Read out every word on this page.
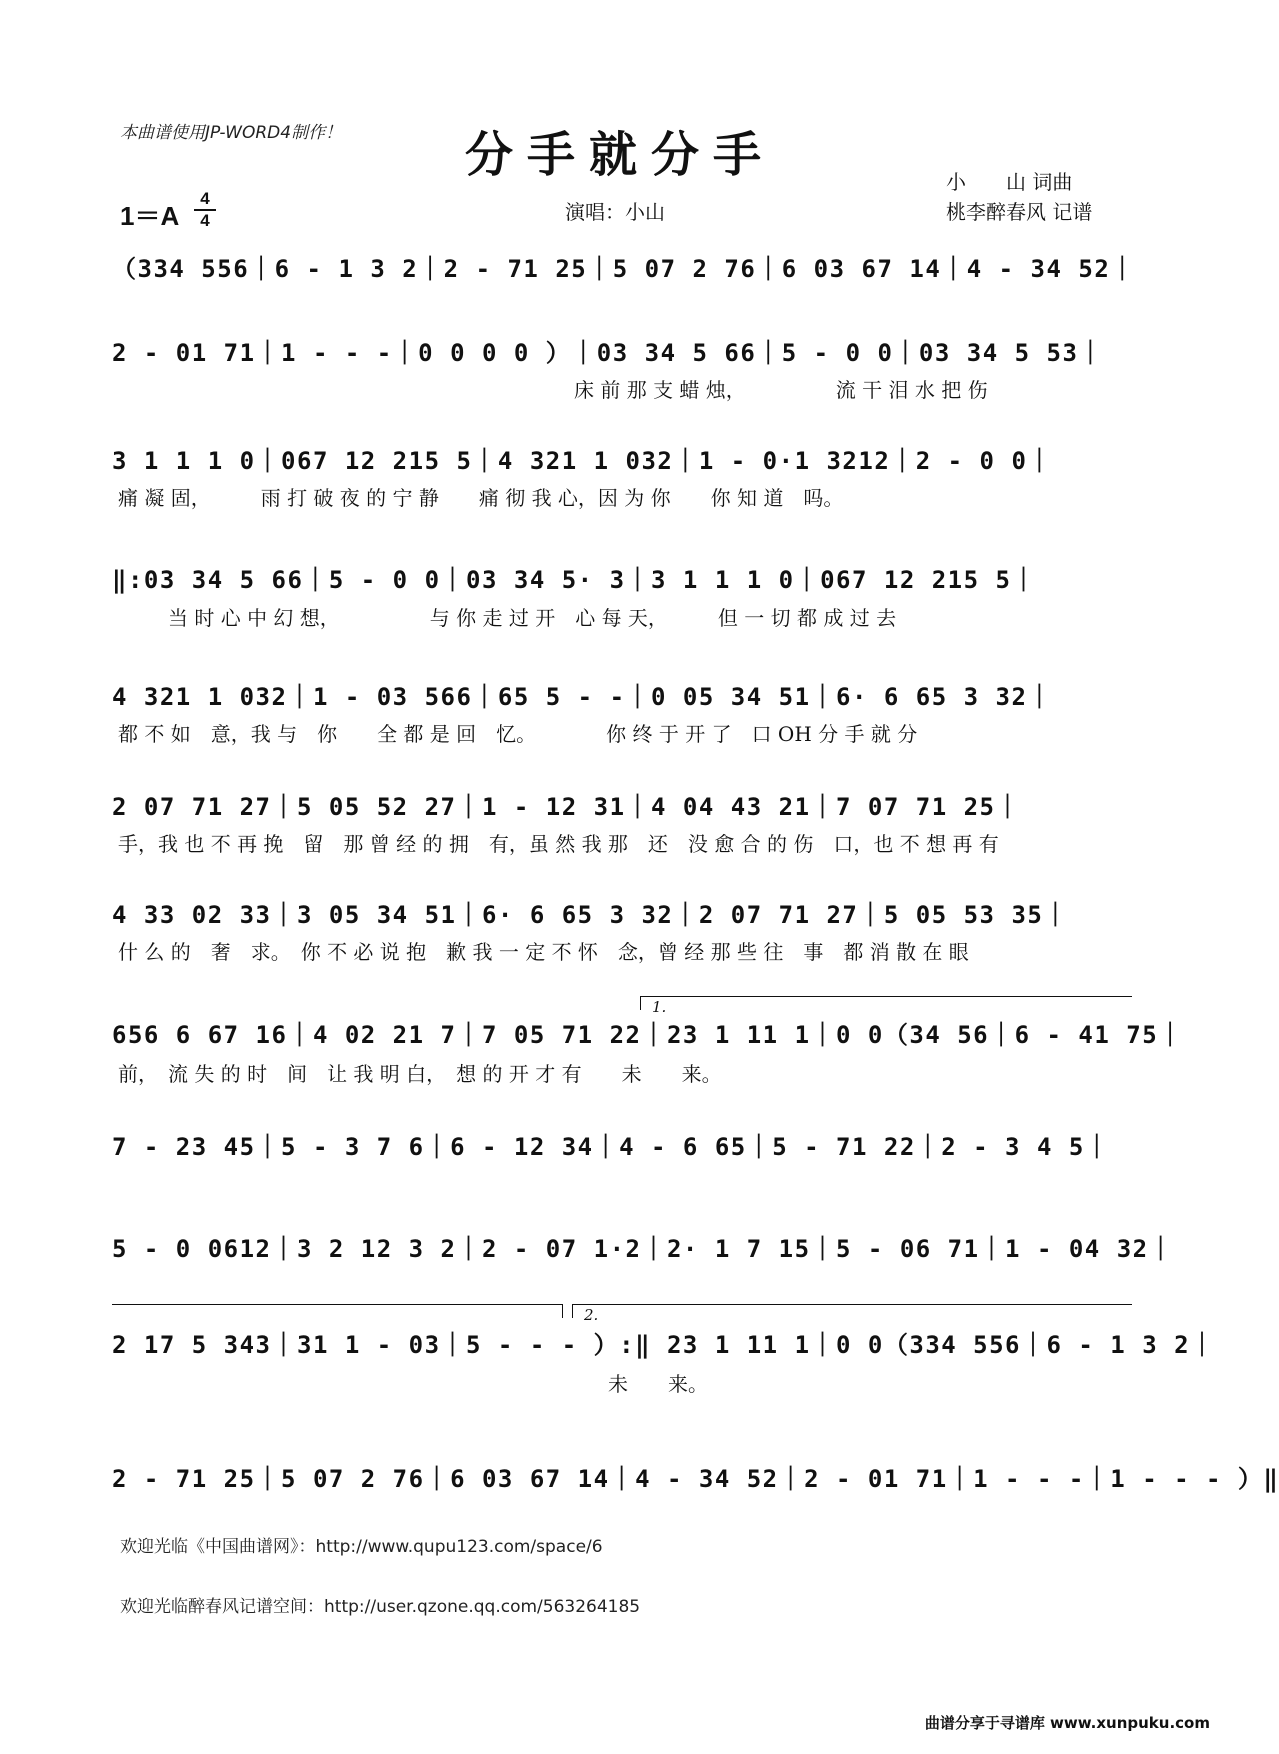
本曲谱使用JP-WORD4制作！	分手就分手	小　　山 词曲
桃李醉春风 记谱
演唱：小山
1＝A
4
4
（334 556｜6 - 1 3 2｜2 - 71 25｜5 07 2 76｜6 03 67 14｜4 - 34 52｜
2 - 01 71｜1 - - -｜0 0 0 0 ）｜03 34 5 66｜5 - 0 0｜03 34 5 53｜
床 前 那 支 蜡 烛，　　　　　流 干 泪 水 把 伤
3 1 1 1 0｜067 12 215 5｜4 321 1 032｜1 - 0·1 3212｜2 - 0 0｜
痛 凝 固，　　　雨 打 破 夜 的 宁 静　　痛 彻 我 心，因 为 你　　你 知 道　吗。
‖:03 34 5 66｜5 - 0 0｜03 34 5· 3｜3 1 1 1 0｜067 12 215 5｜
当 时 心 中 幻 想，　　　　　与 你 走 过 开　心 每 天，　　　但 一 切 都 成 过 去
4 321 1 032｜1 - 03 566｜65 5 - -｜0 05 34 51｜6· 6 65 3 32｜
都 不 如　意，我 与　你　　全 都 是 回　忆。　　　　你 终 于 开 了　口 OH 分 手 就 分
2 07 71 27｜5 05 52 27｜1 - 12 31｜4 04 43 21｜7 07 71 25｜
手，我 也 不 再 挽　留　那 曾 经 的 拥　有，虽 然 我 那　还　没 愈 合 的 伤　口，也 不 想 再 有
4 33 02 33｜3 05 34 51｜6· 6 65 3 32｜2 07 71 27｜5 05 53 35｜
什 么 的　奢　求。　你 不 必 说 抱　歉 我 一 定 不 怀　念，曾 经 那 些 往　事　都 消 散 在 眼
1.
656 6 67 16｜4 02 21 7｜7 05 71 22｜23 1 11 1｜0 0（34 56｜6 - 41 75｜
前，　流 失 的 时　间　让 我 明 白，　想 的 开 才 有　　未　　来。
7 - 23 45｜5 - 3 7 6｜6 - 12 34｜4 - 6 65｜5 - 71 22｜2 - 3 4 5｜
5 - 0 0612｜3 2 12 3 2｜2 - 07 1·2｜2· 1 7 15｜5 - 06 71｜1 - 04 32｜
2.
2 17 5 343｜31 1 - 03｜5 - - - ）:‖ 23 1 11 1｜0 0（334 556｜6 - 1 3 2｜
未　　来。
2 - 71 25｜5 07 2 76｜6 03 67 14｜4 - 34 52｜2 - 01 71｜1 - - -｜1 - - - ）‖
欢迎光临《中国曲谱网》：http://www.qupu123.com/space/6
欢迎光临醉春风记谱空间：http://user.qzone.qq.com/563264185
曲谱分享于寻谱库 www.xunpuku.com
